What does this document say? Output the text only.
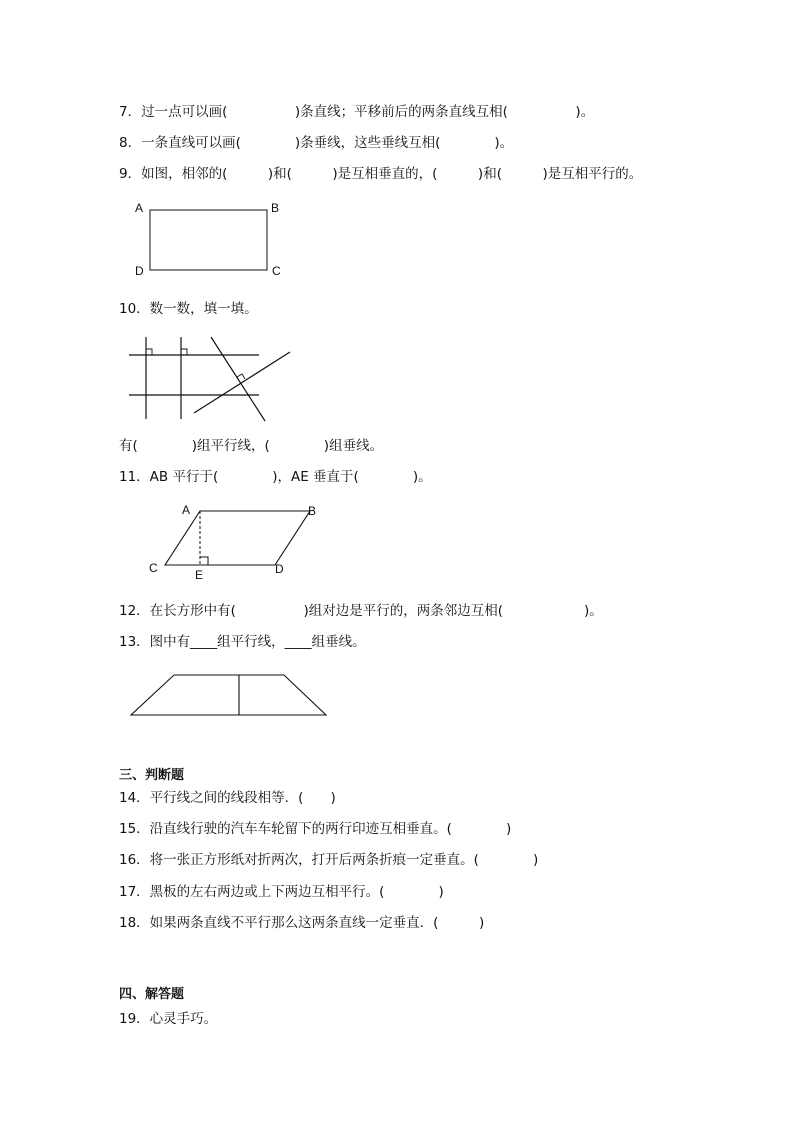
7．过一点可以画(　　　　　)条直线；平移前后的两条直线互相(　　　　　)。
8．一条直线可以画(　　　　)条垂线，这些垂线互相(　　　　)。
9．如图，相邻的(　　　)和(　　　)是互相垂直的，(　　　)和(　　　)是互相平行的。
A	B
D	C
10．数一数，填一填。
有(　　　　)组平行线，(　　　　)组垂线。
11．AB 平行于(　　　　)，AE 垂直于(　　　　)。
A	B
C	E	D
12．在长方形中有(　　　　　)组对边是平行的，两条邻边互相(　　　　　　)。
13．图中有____组平行线，____组垂线。
三、判断题
14．平行线之间的线段相等．(　　)
15．沿直线行驶的汽车车轮留下的两行印迹互相垂直。(　　　　)
16．将一张正方形纸对折两次，打开后两条折痕一定垂直。(　　　　)
17．黑板的左右两边或上下两边互相平行。(　　　　)
18．如果两条直线不平行那么这两条直线一定垂直．(　　　)
四、解答题
19．心灵手巧。
